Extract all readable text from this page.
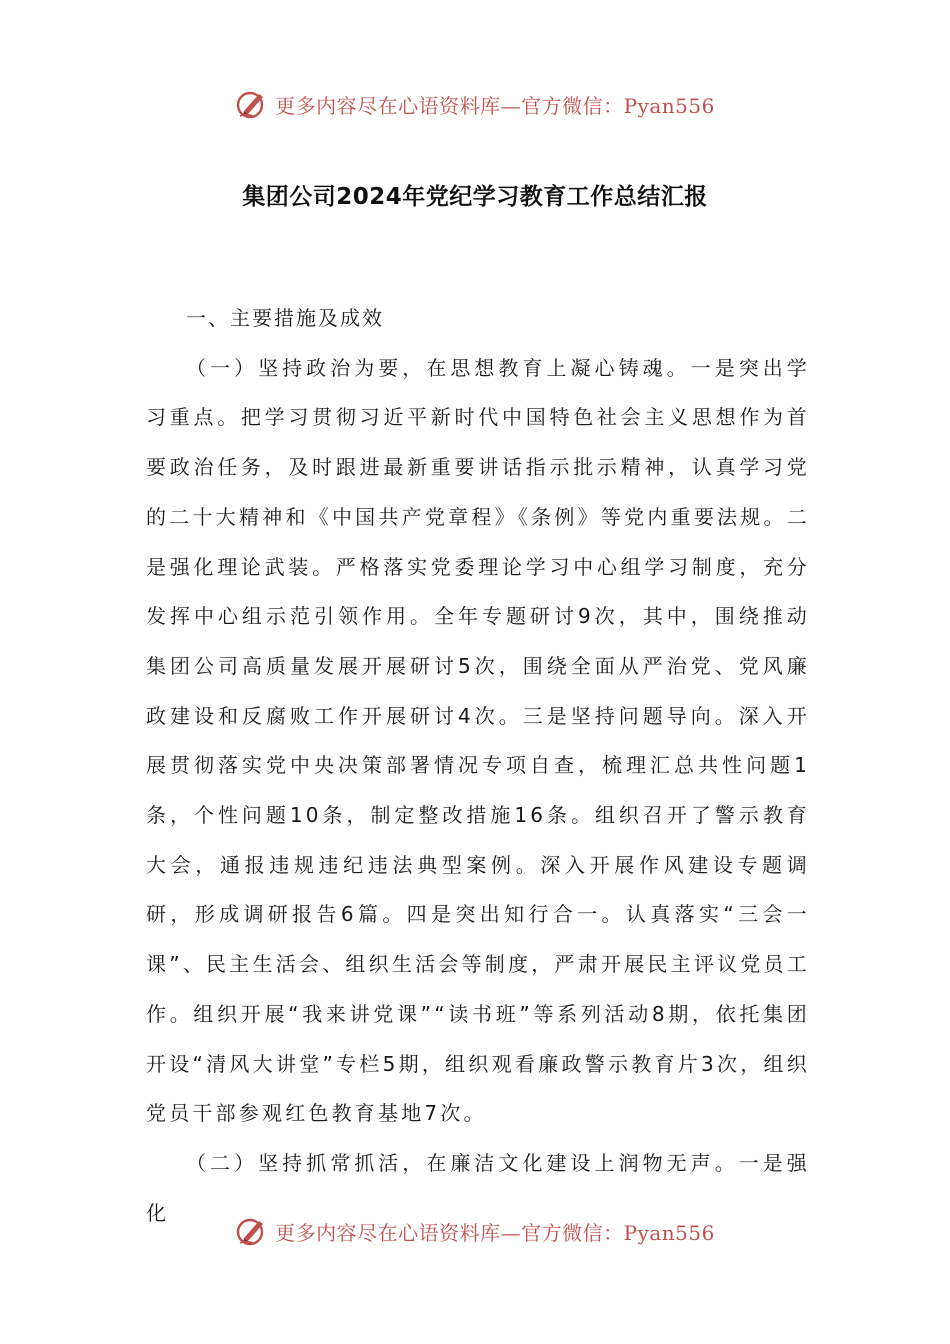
更多内容尽在心语资料库—官方微信：Pyan556
集团公司2024年党纪学习教育工作总结汇报

一、主要措施及成效

（一）坚持政治为要，在思想教育上凝心铸魂。一是突出学习重点。把学习贯彻习近平新时代中国特色社会主义思想作为首要政治任务，及时跟进最新重要讲话指示批示精神，认真学习党的二十大精神和《中国共产党章程》《条例》等党内重要法规。二是强化理论武装。严格落实党委理论学习中心组学习制度，充分发挥中心组示范引领作用。全年专题研讨9次，其中，围绕推动集团公司高质量发展开展研讨5次，围绕全面从严治党、党风廉政建设和反腐败工作开展研讨4次。三是坚持问题导向。深入开展贯彻落实党中央决策部署情况专项自查，梳理汇总共性问题1条，个性问题10条，制定整改措施16条。组织召开了警示教育大会，通报违规违纪违法典型案例。深入开展作风建设专题调研，形成调研报告6篇。四是突出知行合一。认真落实“三会一课”、民主生活会、组织生活会等制度，严肃开展民主评议党员工作。组织开展“我来讲党课”“读书班”等系列活动8期，依托集团开设“清风大讲堂”专栏5期，组织观看廉政警示教育片3次，组织党员干部参观红色教育基地7次。

（二）坚持抓常抓活，在廉洁文化建设上润物无声。一是强化

更多内容尽在心语资料库—官方微信：Pyan556
